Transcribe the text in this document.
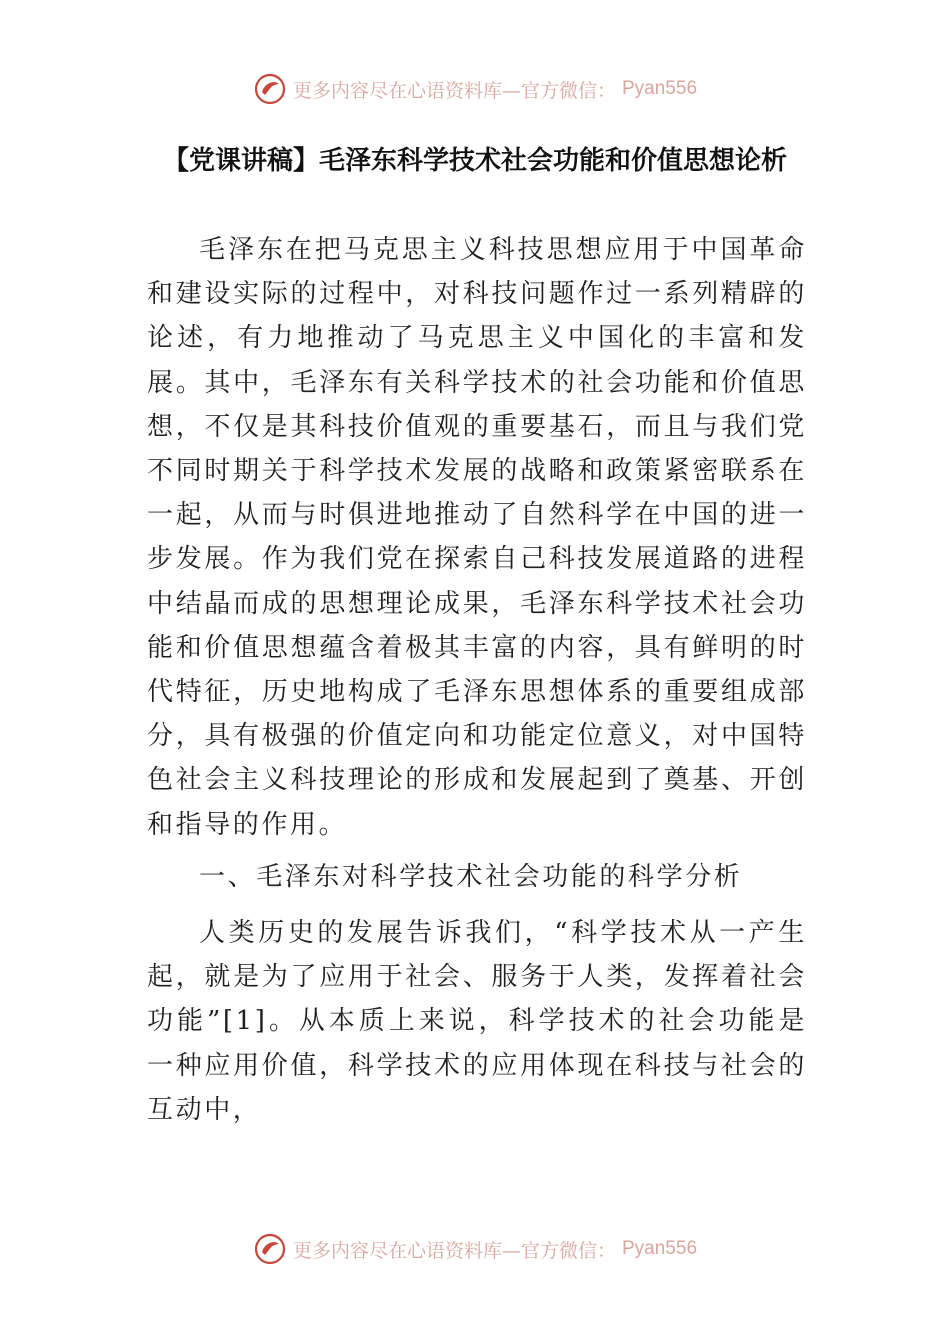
更多内容尽在心语资料库—官方微信： Pyan556
【党课讲稿】毛泽东科学技术社会功能和价值思想论析

毛泽东在把马克思主义科技思想应用于中国革命和建设实际的过程中，对科技问题作过一系列精辟的论述，有力地推动了马克思主义中国化的丰富和发展。其中，毛泽东有关科学技术的社会功能和价值思想，不仅是其科技价值观的重要基石，而且与我们党不同时期关于科学技术发展的战略和政策紧密联系在一起，从而与时俱进地推动了自然科学在中国的进一步发展。作为我们党在探索自己科技发展道路的进程中结晶而成的思想理论成果，毛泽东科学技术社会功能和价值思想蕴含着极其丰富的内容，具有鲜明的时代特征，历史地构成了毛泽东思想体系的重要组成部分，具有极强的价值定向和功能定位意义，对中国特色社会主义科技理论的形成和发展起到了奠基、开创和指导的作用。

一、毛泽东对科学技术社会功能的科学分析

人类历史的发展告诉我们，“科学技术从一产生起，就是为了应用于社会、服务于人类，发挥着社会功能”[1]。从本质上来说，科学技术的社会功能是一种应用价值，科学技术的应用体现在科技与社会的互动中，

更多内容尽在心语资料库—官方微信： Pyan556
